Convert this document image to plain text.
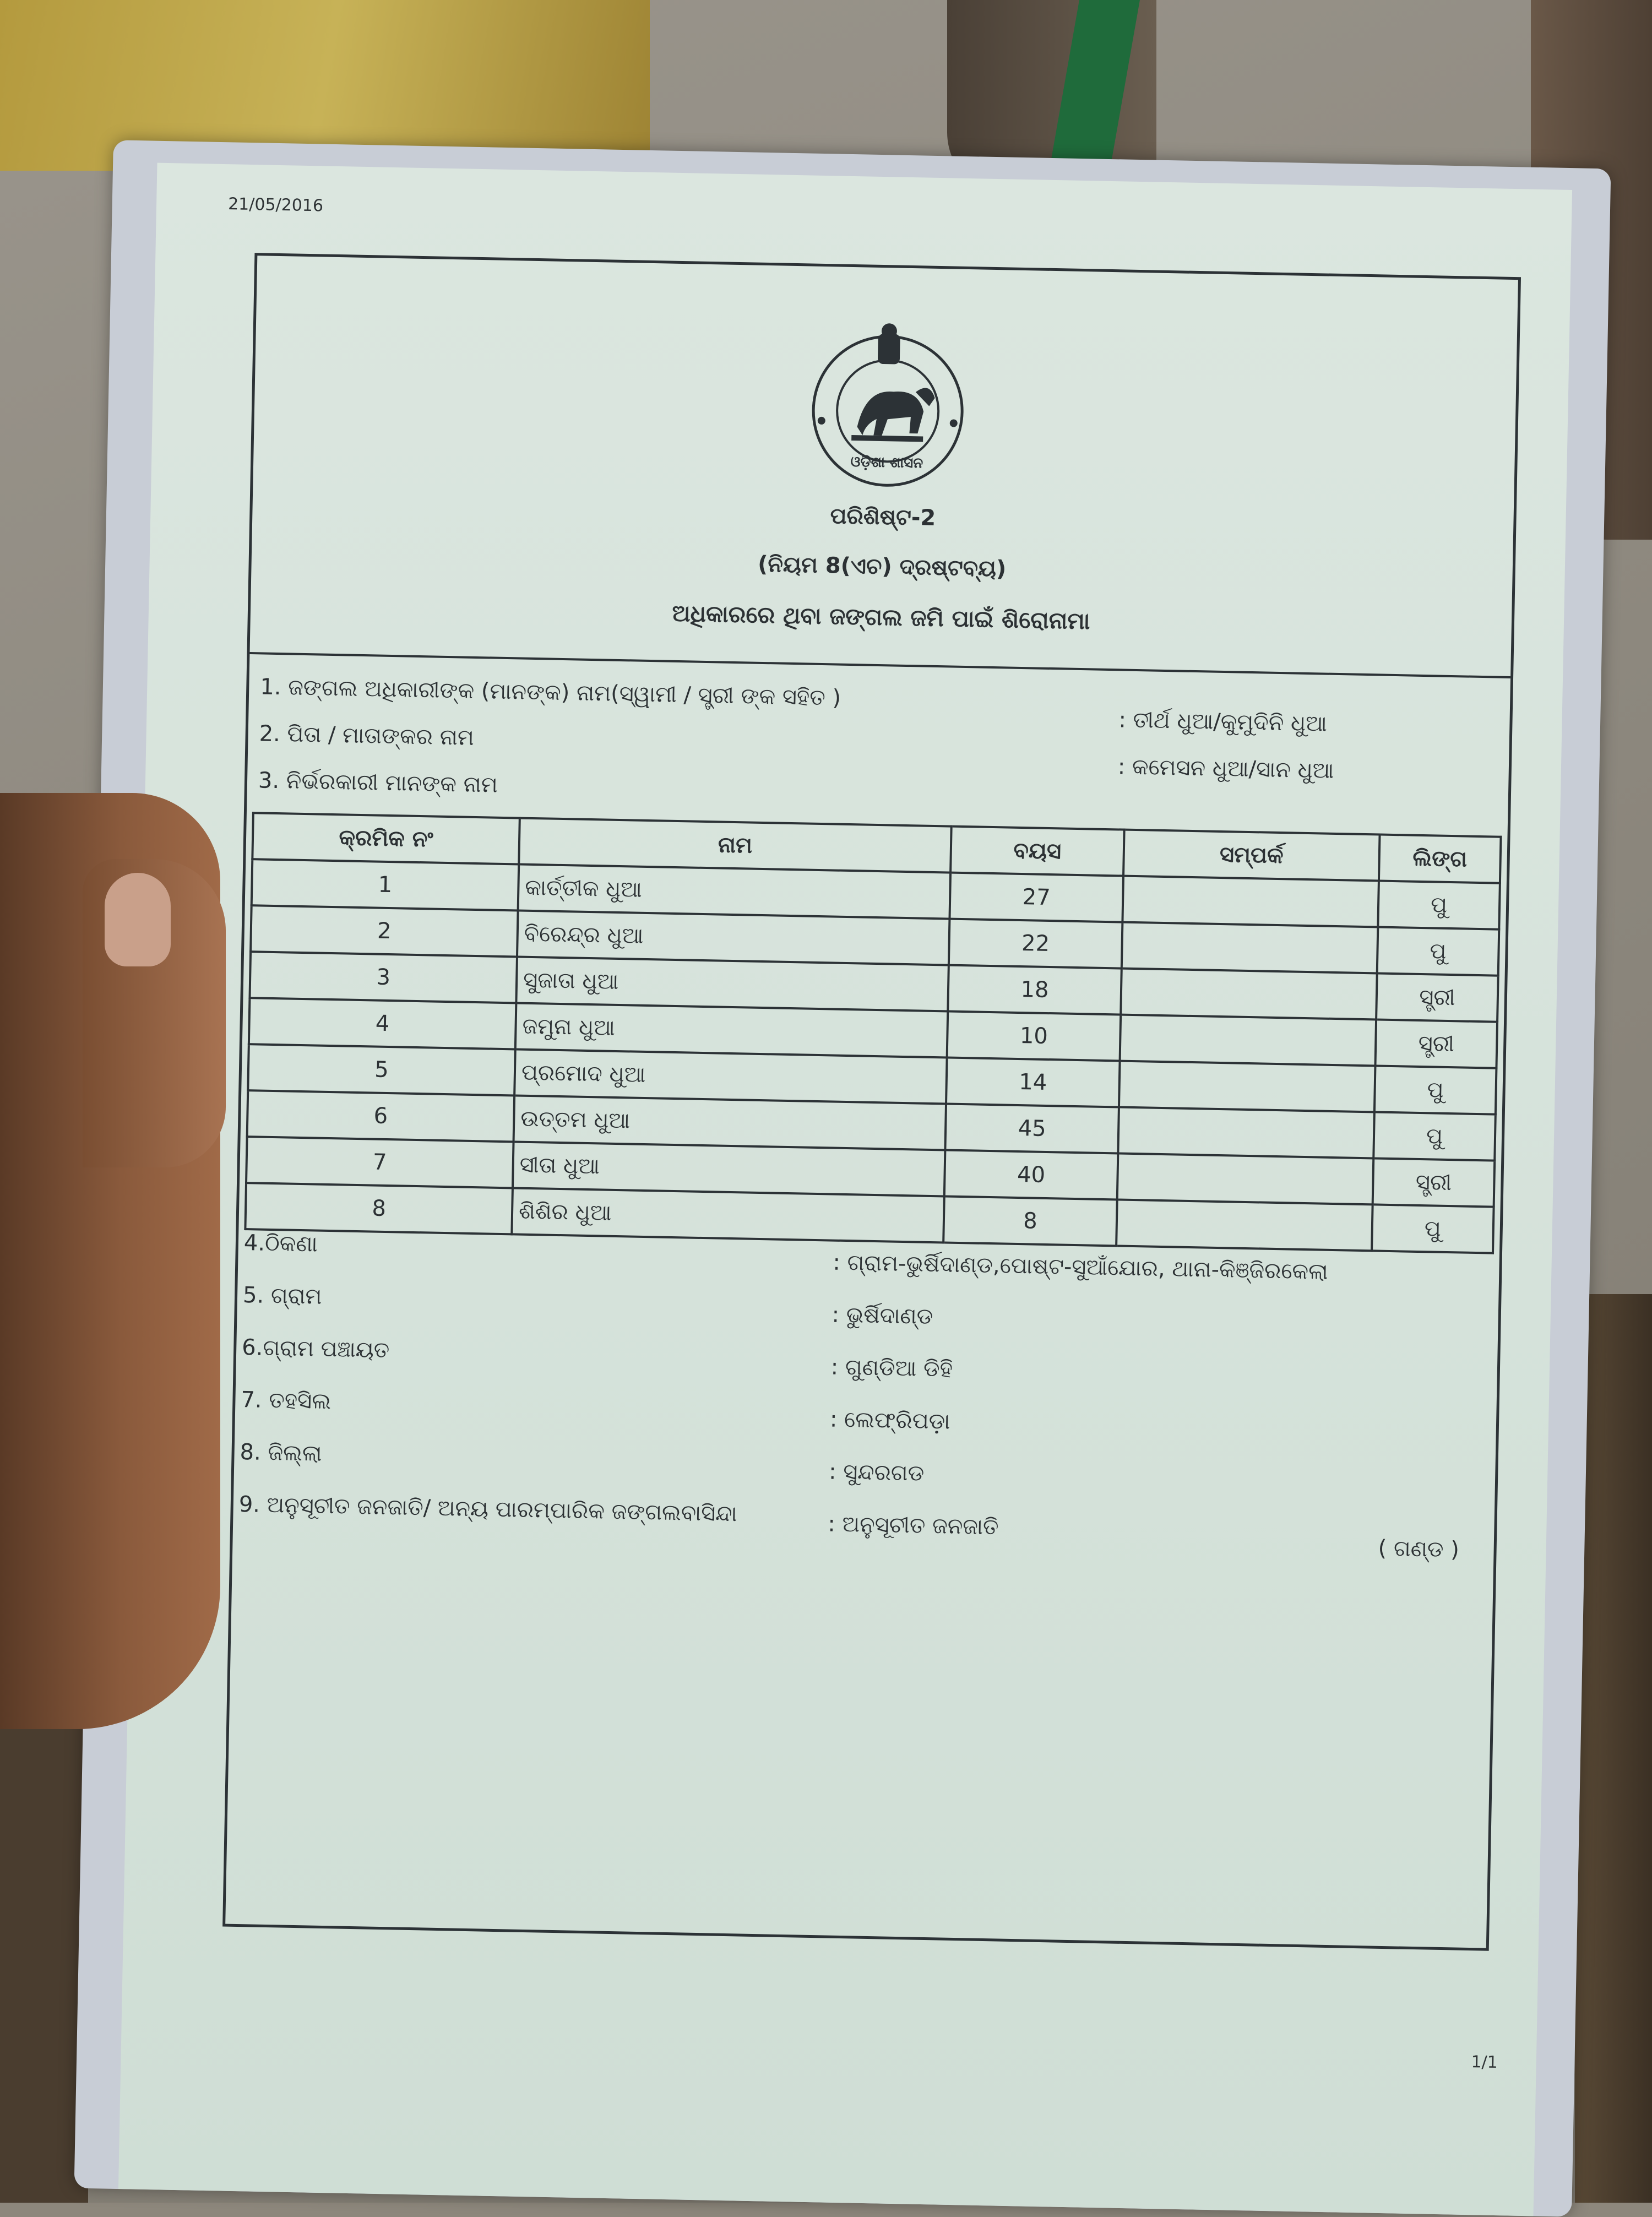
21/05/2016
ଓଡ଼ିଶା ଶାସନ
ପରିଶିଷ୍ଟ-2
(ନିୟମ 8(ଏଚ) ଦ୍ରଷ୍ଟବ୍ୟ)
ଅଧିକାରରେ ଥିବା ଜଙ୍ଗଲ ଜମି ପାଇଁ ଶିରୋନାମା
1. ଜଙ୍ଗଲ ଅଧିକାରୀଙ୍କ (ମାନଙ୍କ) ନାମ(ସ୍ୱାମୀ / ସ୍ତ୍ରୀ ଙ୍କ ସହିତ )
: ତୀର୍ଥ ଧୁଆ/କୁମୁଦିନି ଧୁଆ
2. ପିତା / ମାତାଙ୍କର ନାମ
: କମେସନ ଧୁଆ/ସାନ ଧୁଆ
3. ନିର୍ଭରକାରୀ ମାନଙ୍କ ନାମ
କ୍ରମିକ ନଂ	ନାମ	ବୟସ	ସମ୍ପର୍କ	ଲିଙ୍ଗ
1	କାର୍ତ୍ତୀକ ଧୁଆ	27		ପୁ
2	ବିରେନ୍ଦ୍ର ଧୁଆ	22		ପୁ
3	ସୁଜାତା ଧୁଆ	18		ସ୍ତ୍ରୀ
4	ଜମୁନା ଧୁଆ	10		ସ୍ତ୍ରୀ
5	ପ୍ରମୋଦ ଧୁଆ	14		ପୁ
6	ଉତ୍ତମ ଧୁଆ	45		ପୁ
7	ସୀତା ଧୁଆ	40		ସ୍ତ୍ରୀ
8	ଶିଶିର ଧୁଆ	8		ପୁ
4.ଠିକଣା
: ଗ୍ରାମ-ଭୁର୍ଷିଦାଣ୍ଡ,ପୋଷ୍ଟ-ସୁଆଁଯୋର, ଥାନା-କିଞ୍ଜିରକେଲା
5. ଗ୍ରାମ
: ଭୁର୍ଷିଦାଣ୍ଡ
6.ଗ୍ରାମ ପଞ୍ଚାୟତ
: ଗୁଣ୍ଡିଆ ଡିହି
7. ତହସିଲ
: ଲେଫ୍ରିପଡ଼ା
8. ଜିଲ୍ଲା
: ସୁନ୍ଦରଗଡ
9. ଅନୁସୂଚୀତ ଜନଜାତି/ ଅନ୍ୟ ପାରମ୍ପାରିକ ଜଙ୍ଗଲବାସିନ୍ଦା	: ଅନୁସୂଚୀତ ଜନଜାତି
( ଗଣ୍ଡ )
1/1
